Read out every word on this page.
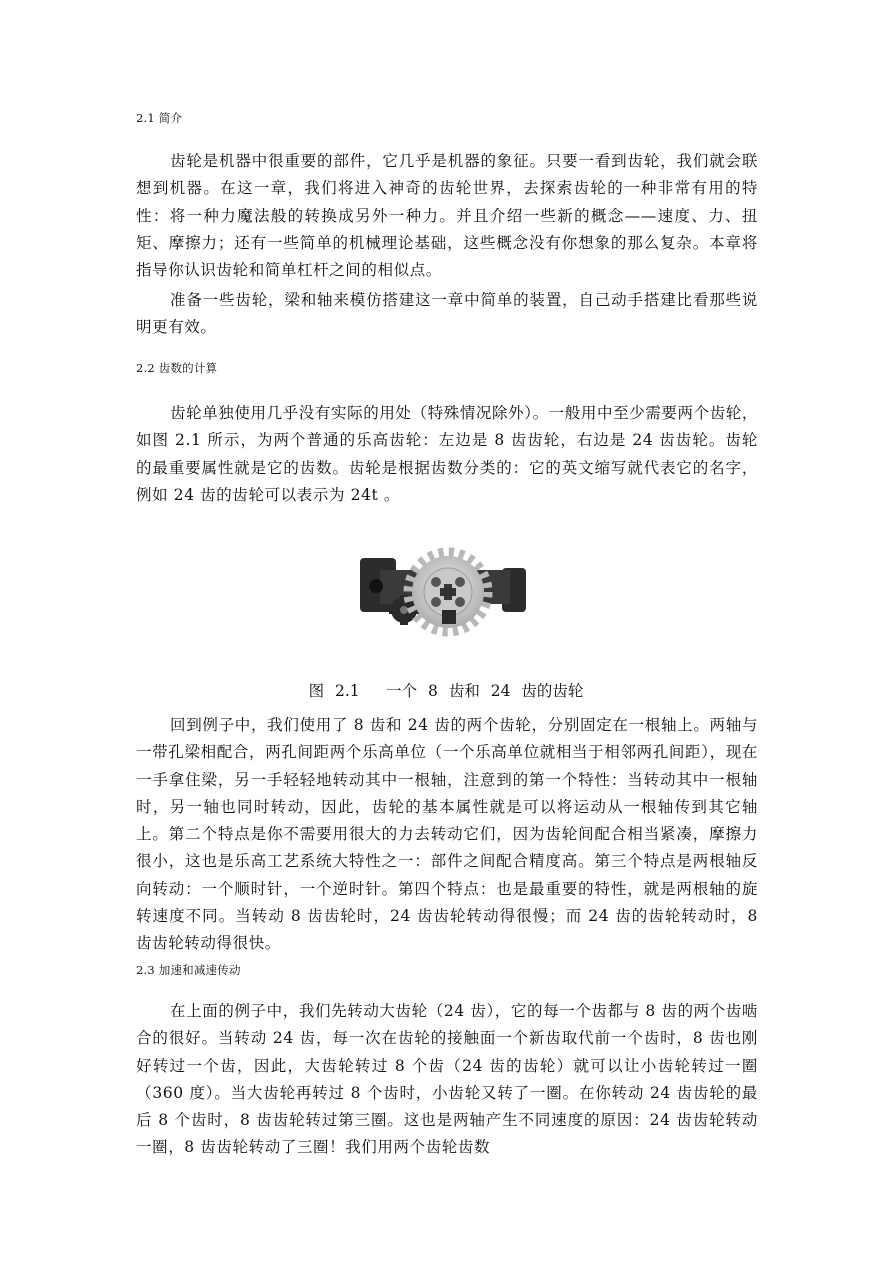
2.1 简介

齿轮是机器中很重要的部件，它几乎是机器的象征。只要一看到齿轮，我们就会联想到机器。在这一章，我们将进入神奇的齿轮世界，去探索齿轮的一种非常有用的特性：将一种力魔法般的转换成另外一种力。并且介绍一些新的概念——速度、力、扭矩、摩擦力；还有一些简单的机械理论基础，这些概念没有你想象的那么复杂。本章将指导你认识齿轮和简单杠杆之间的相似点。

准备一些齿轮，梁和轴来模仿搭建这一章中简单的装置，自己动手搭建比看那些说明更有效。

2.2 齿数的计算

齿轮单独使用几乎没有实际的用处（特殊情况除外）。一般用中至少需要两个齿轮，如图 2.1 所示，为两个普通的乐高齿轮：左边是 8 齿齿轮，右边是 24 齿齿轮。齿轮的最重要属性就是它的齿数。齿轮是根据齿数分类的：它的英文缩写就代表它的名字，例如 24 齿的齿轮可以表示为 24t 。

图 2.1　 一个 8 齿和 24 齿的齿轮

回到例子中，我们使用了 8 齿和 24 齿的两个齿轮，分别固定在一根轴上。两轴与一带孔梁相配合，两孔间距两个乐高单位（一个乐高单位就相当于相邻两孔间距），现在一手拿住梁，另一手轻轻地转动其中一根轴，注意到的第一个特性：当转动其中一根轴时，另一轴也同时转动，因此，齿轮的基本属性就是可以将运动从一根轴传到其它轴上。第二个特点是你不需要用很大的力去转动它们，因为齿轮间配合相当紧凑，摩擦力很小，这也是乐高工艺系统大特性之一：部件之间配合精度高。第三个特点是两根轴反向转动：一个顺时针，一个逆时针。第四个特点：也是最重要的特性，就是两根轴的旋转速度不同。当转动 8 齿齿轮时，24 齿齿轮转动得很慢；而 24 齿的齿轮转动时，8 齿齿轮转动得很快。

2.3 加速和减速传动

在上面的例子中，我们先转动大齿轮（24 齿），它的每一个齿都与 8 齿的两个齿啮合的很好。当转动 24 齿，每一次在齿轮的接触面一个新齿取代前一个齿时，8 齿也刚好转过一个齿，因此，大齿轮转过 8 个齿（24 齿的齿轮）就可以让小齿轮转过一圈（360 度）。当大齿轮再转过 8 个齿时，小齿轮又转了一圈。在你转动 24 齿齿轮的最后 8 个齿时，8 齿齿轮转过第三圈。这也是两轴产生不同速度的原因：24 齿齿轮转动一圈，8 齿齿轮转动了三圈！我们用两个齿轮齿数
